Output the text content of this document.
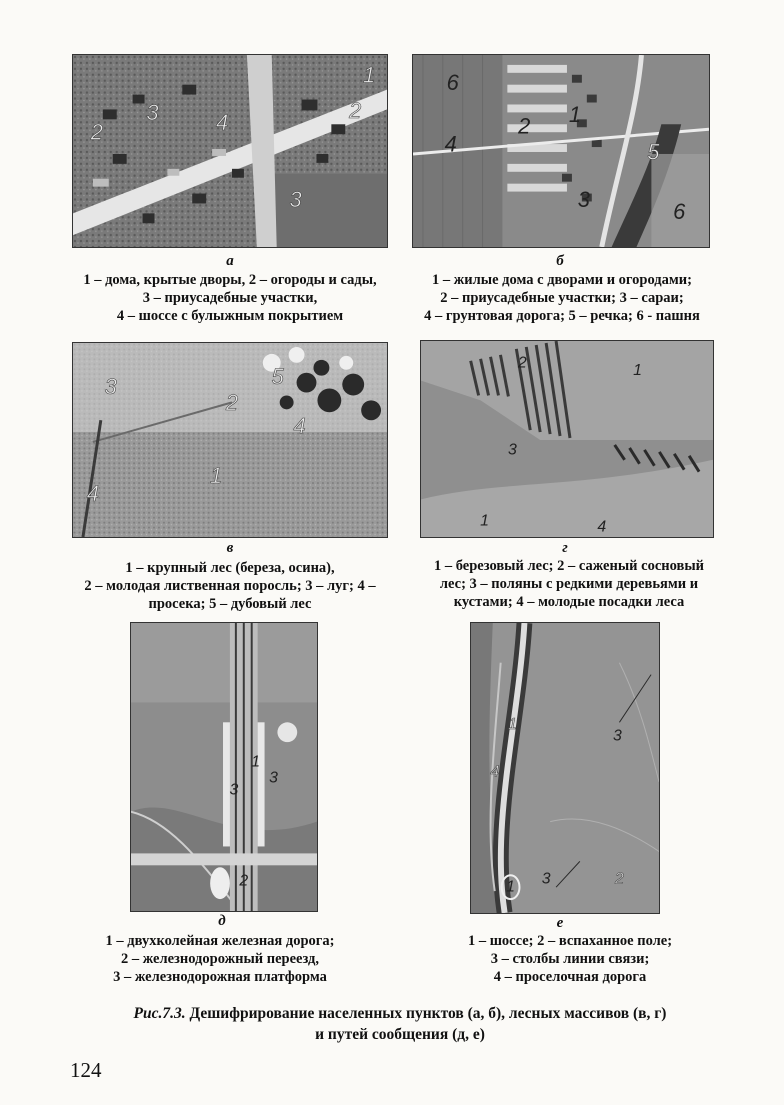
1
2
2
3
3
4
а
1 – дома, крытые дворы, 2 – огороды и сады,
3 – приусадебные участки,
4 – шоссе с булыжным покрытием
6
1
2
4	5
3	6
б
1 – жилые дома с дворами и огородами;
2 – приусадебные участки; 3 – сараи;
4 – грунтовая дорога; 5 – речка; 6 - пашня
3
2
5
4
1
4
в
1 – крупный лес (береза, осина),
2 – молодая лиственная поросль; 3 – луг; 4 –
просека; 5 – дубовый лес
2	1
3
1	4
г
1 – березовый лес; 2 – саженый сосновый
лес; 3 – поляны с редкими деревьями и
кустами; 4 – молодые посадки леса
1
3
3
2
д
1 – двухколейная железная дорога;
2 – железнодорожный переезд,
3 – железнодорожная платформа
1
4
3
3	2
1
е
1 – шоссе; 2 – вспаханное поле;
3 – столбы линии связи;
4 – проселочная дорога
Рис.7.3. Дешифрирование населенных пунктов (а, б), лесных массивов (в, г)
и путей сообщения (д, е)
124
